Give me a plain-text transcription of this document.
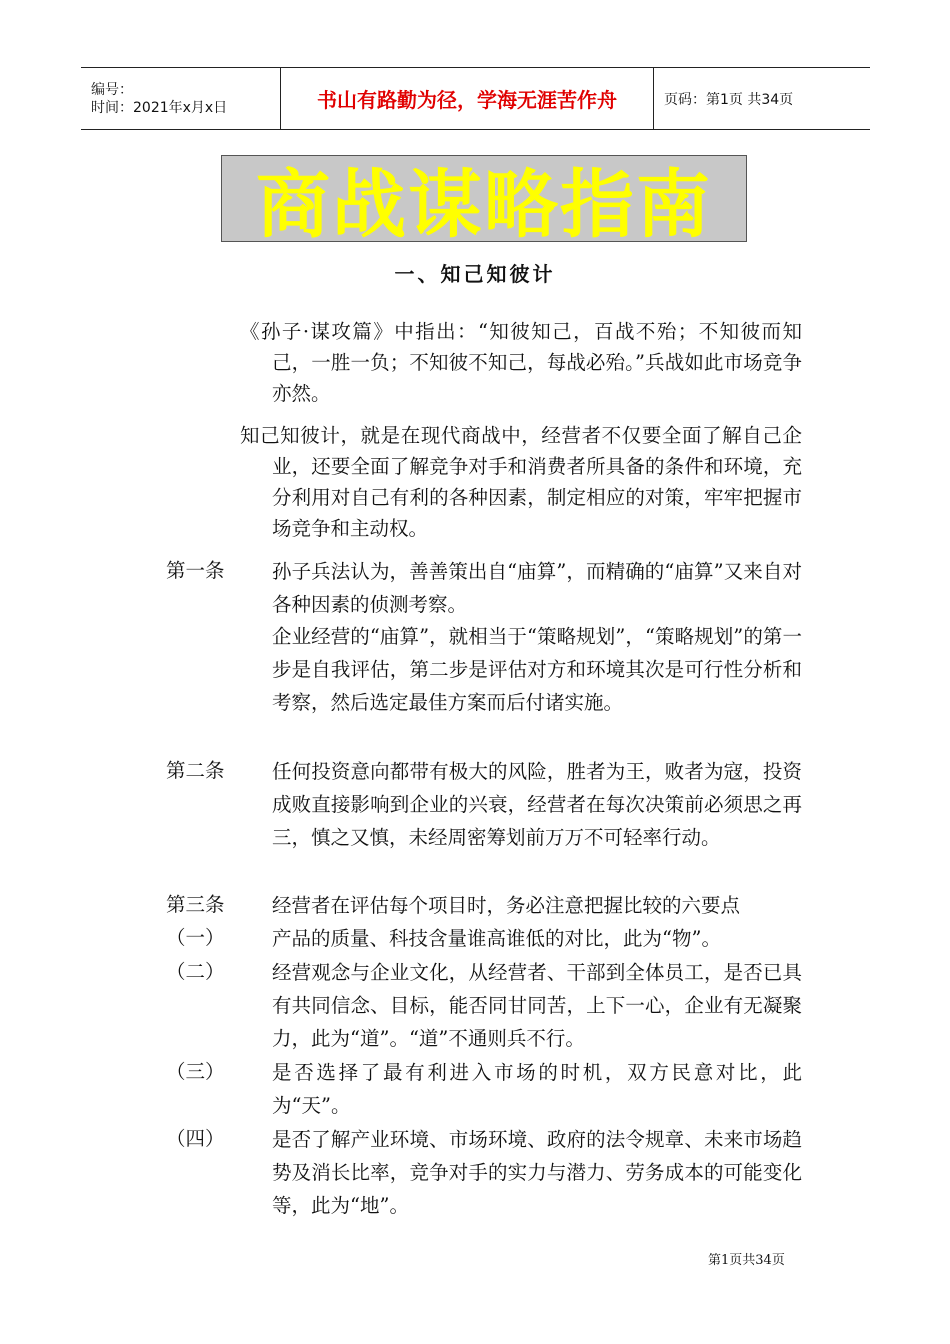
编号：
时间：2021年x月x日	书山有路勤为径，学海无涯苦作舟	页码：第1页 共34页
商战谋略指南
一、知己知彼计
《孙子·谋攻篇》中指出：“知彼知己，百战不殆；不知彼而知己，一胜一负；不知彼不知己，每战必殆。”兵战如此市场竞争亦然。
知己知彼计，就是在现代商战中，经营者不仅要全面了解自己企业，还要全面了解竞争对手和消费者所具备的条件和环境，充分利用对自己有利的各种因素，制定相应的对策，牢牢把握市场竞争和主动权。
第一条 孙子兵法认为，善善策出自“庙算”，而精确的“庙算”又来自对各种因素的侦测考察。
企业经营的“庙算”，就相当于“策略规划”，“策略规划”的第一步是自我评估，第二步是评估对方和环境其次是可行性分析和考察，然后选定最佳方案而后付诸实施。
第二条 任何投资意向都带有极大的风险，胜者为王，败者为寇，投资成败直接影响到企业的兴衰，经营者在每次决策前必须思之再三，慎之又慎，未经周密筹划前万万不可轻率行动。
第三条 经营者在评估每个项目时，务必注意把握比较的六要点
（一） 产品的质量、科技含量谁高谁低的对比，此为“物”。
（二） 经营观念与企业文化，从经营者、干部到全体员工，是否已具有共同信念、目标，能否同甘同苦，上下一心，企业有无凝聚力，此为“道”。“道”不通则兵不行。
（三） 是否选择了最有利进入市场的时机，双方民意对比，此为“天”。
（四） 是否了解产业环境、市场环境、政府的法令规章、未来市场趋势及消长比率，竞争对手的实力与潜力、劳务成本的可能变化等，此为“地”。
第1页共34页
